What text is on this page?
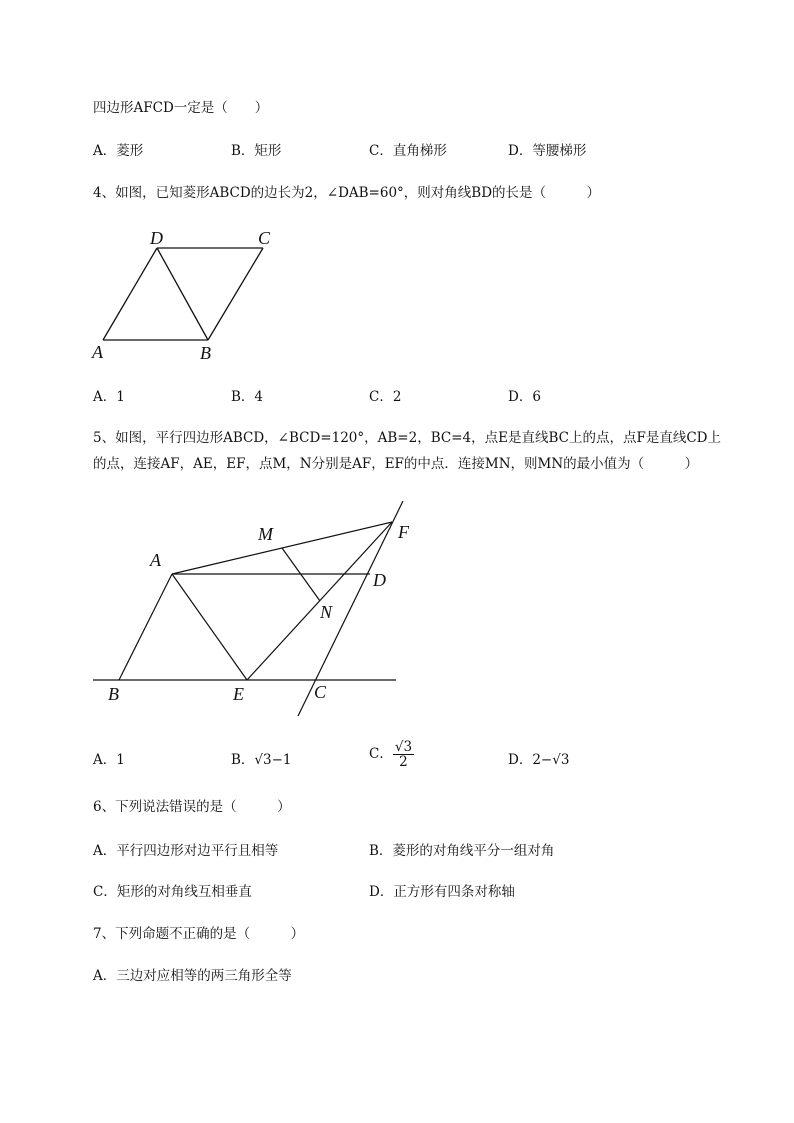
四边形AFCD一定是（　　）
A．菱形	B．矩形	C．直角梯形	D．等腰梯形
4、如图，已知菱形ABCD的边长为2，∠DAB=60°，则对角线BD的长是（　　　）
A	B
C
D
A．1	B．4	C．2	D．6
5、如图，平行四边形ABCD，∠BCD=120°，AB=2，BC=4，点E是直线BC上的点，点F是直线CD上
的点，连接AF，AE，EF，点M，N分别是AF，EF的中点．连接MN，则MN的最小值为（　　　）
A
B	C
D
E
F
M
N
A．1	B．√3−1	C． $\frac{√3}{2}$	D．2−√3
6、下列说法错误的是（　　　）
A．平行四边形对边平行且相等	B．菱形的对角线平分一组对角
C．矩形的对角线互相垂直	D．正方形有四条对称轴
7、下列命题不正确的是（　　　）
A．三边对应相等的两三角形全等
